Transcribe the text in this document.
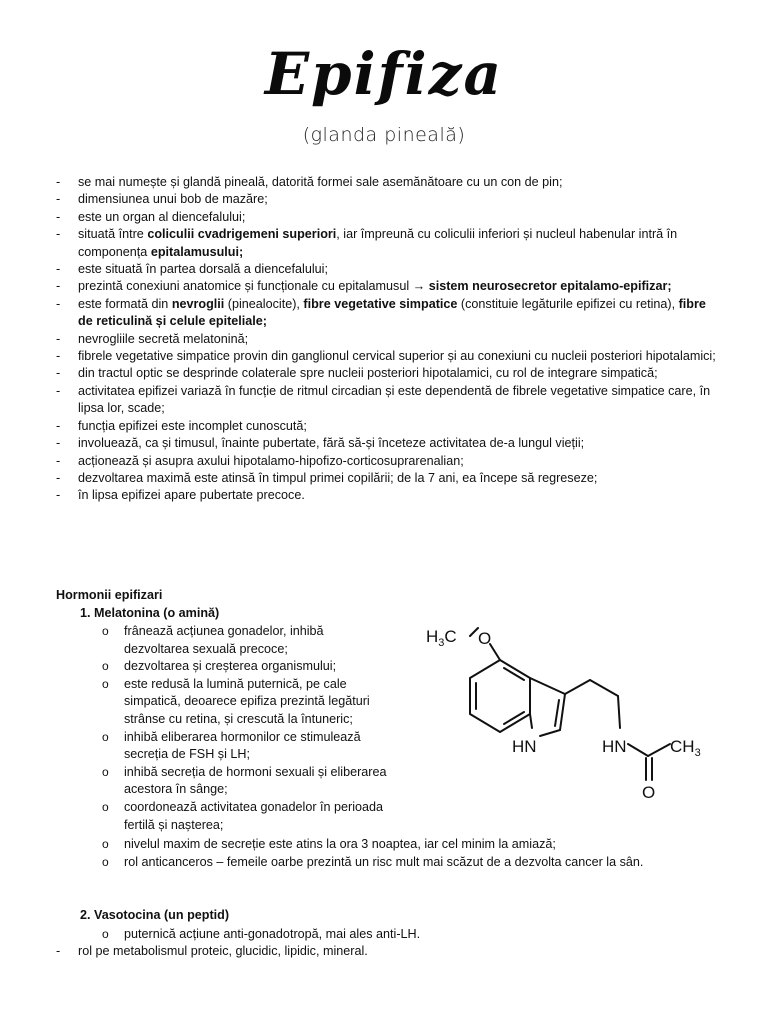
Epifiza
(glanda pineală)
- se mai numește și glandă pineală, datorită formei sale asemănătoare cu un con de pin;
- dimensiunea unui bob de mazăre;
- este un organ al diencefalului;
- situată între coliculii cvadrigemeni superiori, iar împreună cu coliculii inferiori și nucleul habenular intră în componența epitalamusului;
- este situată în partea dorsală a diencefalului;
- prezintă conexiuni anatomice și funcționale cu epitalamusul → sistem neurosecretor epitalamo-epifizar;
- este formată din nevroglii (pinealocite), fibre vegetative simpatice (constituie legăturile epifizei cu retina), fibre de reticulină și celule epiteliale;
- nevrogliile secretă melatonină;
- fibrele vegetative simpatice provin din ganglionul cervical superior și au conexiuni cu nucleii posteriori hipotalamici;
- din tractul optic se desprinde colaterale spre nucleii posteriori hipotalamici, cu rol de integrare simpatică;
- activitatea epifizei variază în funcție de ritmul circadian și este dependentă de fibrele vegetative simpatice care, în lipsa lor, scade;
- funcția epifizei este incomplet cunoscută;
- involuează, ca și timusul, înainte pubertate, fără să-și înceteze activitatea de-a lungul vieții;
- acționează și asupra axului hipotalamo-hipofizo-corticosuprarenalian;
- dezvoltarea maximă este atinsă în timpul primei copilării; de la 7 ani, ea începe să regreseze;
- în lipsa epifizei apare pubertate precoce.
Hormonii epifizari
1. Melatonina (o amină)
o frânează acțiunea gonadelor, inhibă dezvoltarea sexuală precoce;
o dezvoltarea și creșterea organismului;
o este redusă la lumină puternică, pe cale simpatică, deoarece epifiza prezintă legături strânse cu retina, și crescută la întuneric;
o inhibă eliberarea hormonilor ce stimulează secreția de FSH și LH;
o inhibă secreția de hormoni sexuali și eliberarea acestora în sânge;
o coordonează activitatea gonadelor în perioada fertilă și nașterea;
o nivelul maxim de secreție este atins la ora 3 noaptea, iar cel minim la amiază;
o rol anticanceros – femeile oarbe prezintă un risc mult mai scăzut de a dezvolta cancer la sân.
2. Vasotocina (un peptid)
o puternică acțiune anti-gonadotropă, mai ales anti-LH.
-	rol pe metabolismul proteic, glucidic, lipidic, mineral.
$H_3C$ O
HN	HN	$CH_3$
O
